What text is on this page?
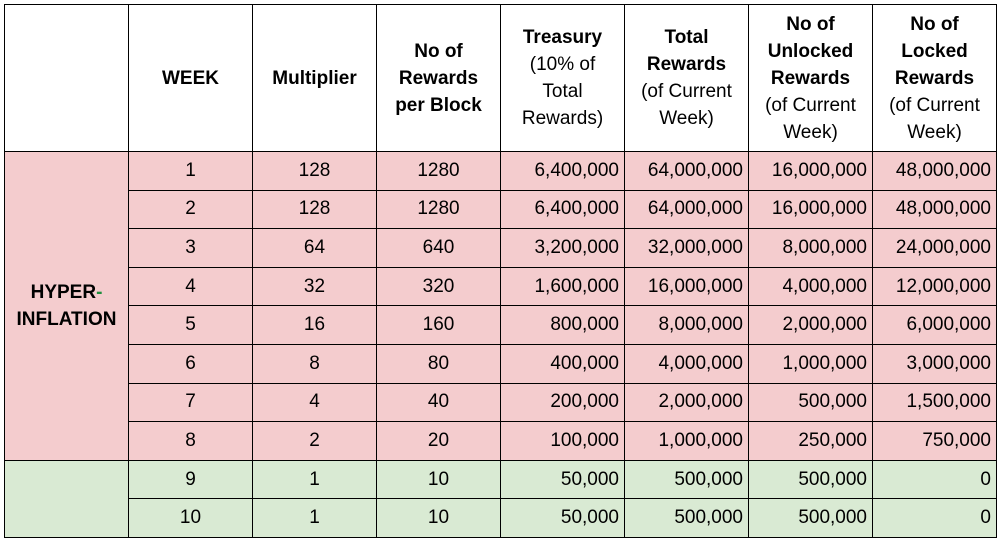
	WEEK	Multiplier	No of
Rewards
per Block	Treasury
(10% of
Total
Rewards)	Total
Rewards
(of Current
Week)	No of
Unlocked
Rewards
(of Current
Week)	No of
Locked
Rewards
(of Current
Week)
HYPER-
INFLATION	1	128	1280	6,400,000	64,000,000	16,000,000	48,000,000
	2	128	1280	6,400,000	64,000,000	16,000,000	48,000,000
	3	64	640	3,200,000	32,000,000	8,000,000	24,000,000
	4	32	320	1,600,000	16,000,000	4,000,000	12,000,000
	5	16	160	800,000	8,000,000	2,000,000	6,000,000
	6	8	80	400,000	4,000,000	1,000,000	3,000,000
	7	4	40	200,000	2,000,000	500,000	1,500,000
	8	2	20	100,000	1,000,000	250,000	750,000
	9	1	10	50,000	500,000	500,000	0
	10	1	10	50,000	500,000	500,000	0
